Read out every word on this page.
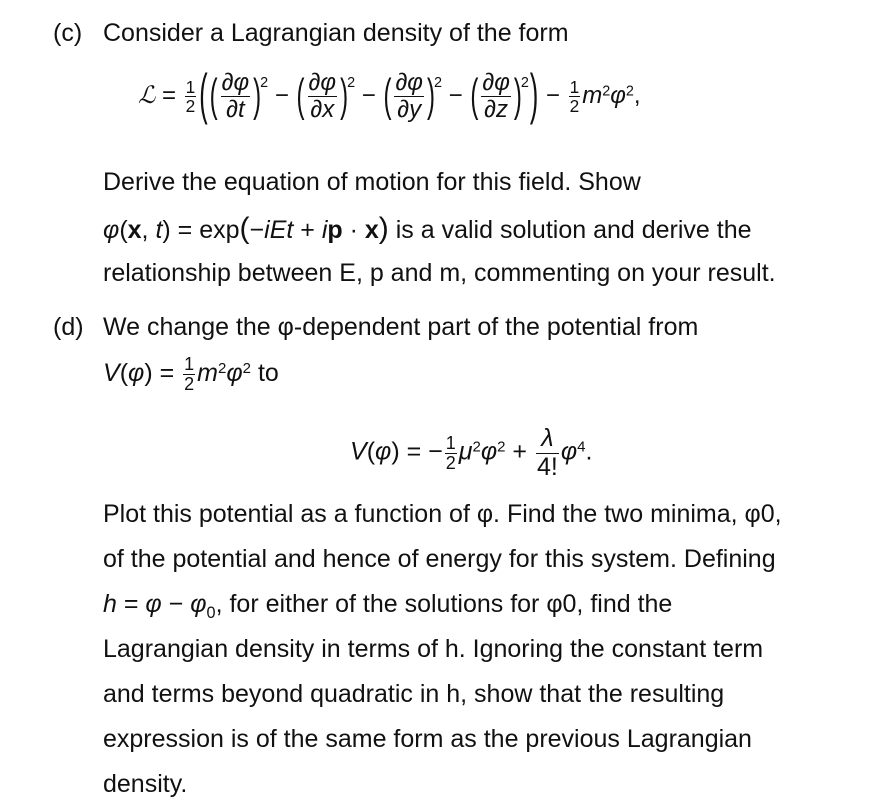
(c) Consider a Lagrangian density of the form
ℒ = $\frac{1}{2}$ (( $\frac{\partial\varphi}{\partial t} )^2$ − ( $\frac{\partial\varphi}{\partial x} )^2$ − ( $\frac{\partial\varphi}{\partial y} )^2$ − ( $\frac{\partial\varphi}{\partial z} )^2) - \frac{1}{2} m^2\varphi^2$,
Derive the equation of motion for this field. Show
φ(x, t) = exp(−iEt + ip · x) is a valid solution and derive the
relationship between E, p and m, commenting on your result.
(d) We change the φ-dependent part of the potential from
$V(\varphi) = \frac{1}{2} m^2\varphi^2$ to
V(φ) = − $\frac{1}{2} \mu^2\varphi^2 + \frac{\lambda}{4!} \varphi^4$.
Plot this potential as a function of φ. Find the two minima, φ0,
of the potential and hence of energy for this system. Defining
$h = \varphi - \varphi_0$, for either of the solutions for φ0, find the
Lagrangian density in terms of h. Ignoring the constant term
and terms beyond quadratic in h, show that the resulting
expression is of the same form as the previous Lagrangian
density.
